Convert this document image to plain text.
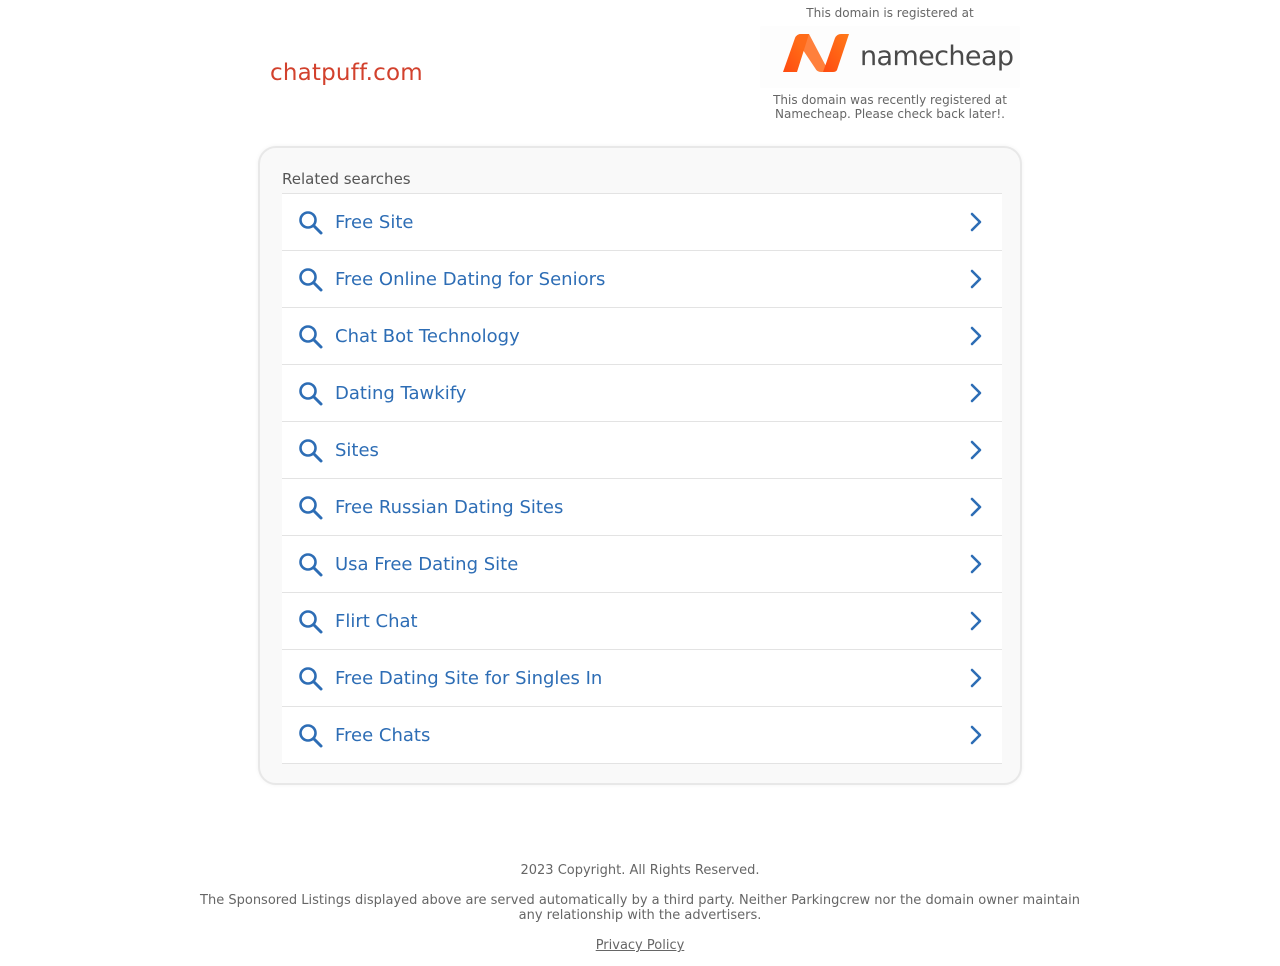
chatpuff.com
This domain is registered at
namecheap
This domain was recently registered at Namecheap. Please check back later!.
Related searches
Free Site
Free Online Dating for Seniors
Chat Bot Technology
Dating Tawkify
Sites
Free Russian Dating Sites
Usa Free Dating Site
Flirt Chat
Free Dating Site for Singles In
Free Chats
2023 Copyright. All Rights Reserved.
The Sponsored Listings displayed above are served automatically by a third party. Neither Parkingcrew nor the domain owner maintain any relationship with the advertisers.
Privacy Policy
